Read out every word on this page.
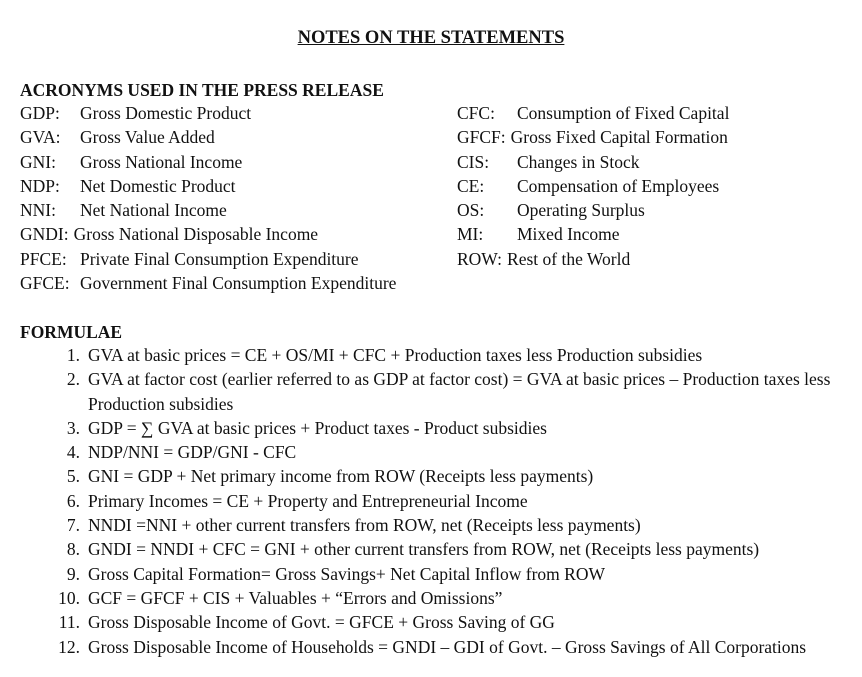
NOTES ON THE STATEMENTS
ACRONYMS USED IN THE PRESS RELEASE
GDP:	Gross Domestic Product
GVA:	Gross Value Added
GNI:	Gross National Income
NDP:	Net Domestic Product
NNI:	Net National Income
GNDI: Gross National Disposable Income
PFCE: Private Final Consumption Expenditure
GFCE: Government Final Consumption Expenditure
CFC:	Consumption of Fixed Capital
GFCF: Gross Fixed Capital Formation
CIS:	Changes in Stock
CE:	Compensation of Employees
OS:	Operating Surplus
MI:	Mixed Income
ROW: Rest of the World
FORMULAE
1. GVA at basic prices = CE + OS/MI + CFC + Production taxes less Production subsidies
2. GVA at factor cost (earlier referred to as GDP at factor cost) = GVA at basic prices – Production taxes less Production subsidies
3. GDP = ∑ GVA at basic prices + Product taxes - Product subsidies
4. NDP/NNI = GDP/GNI - CFC
5. GNI = GDP + Net primary income from ROW (Receipts less payments)
6. Primary Incomes = CE + Property and Entrepreneurial Income
7. NNDI =NNI + other current transfers from ROW, net (Receipts less payments)
8. GNDI = NNDI + CFC = GNI + other current transfers from ROW, net (Receipts less payments)
9. Gross Capital Formation= Gross Savings+ Net Capital Inflow from ROW
10. GCF = GFCF + CIS + Valuables + “Errors and Omissions”
11. Gross Disposable Income of Govt. = GFCE + Gross Saving of GG
12. Gross Disposable Income of Households = GNDI – GDI of Govt. – Gross Savings of All Corporations
